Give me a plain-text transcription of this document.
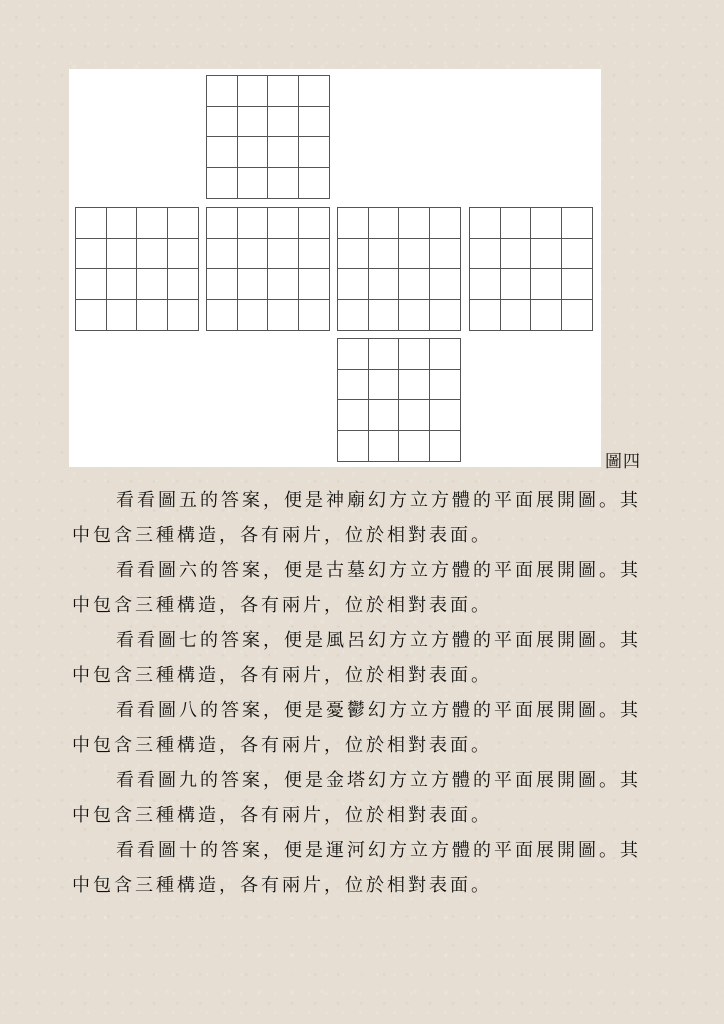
圖四

看看圖五的答案，便是神廟幻方立方體的平面展開圖。其
中包含三種構造，各有兩片，位於相對表面。

看看圖六的答案，便是古墓幻方立方體的平面展開圖。其
中包含三種構造，各有兩片，位於相對表面。

看看圖七的答案，便是風呂幻方立方體的平面展開圖。其
中包含三種構造，各有兩片，位於相對表面。

看看圖八的答案，便是憂鬱幻方立方體的平面展開圖。其
中包含三種構造，各有兩片，位於相對表面。

看看圖九的答案，便是金塔幻方立方體的平面展開圖。其
中包含三種構造，各有兩片，位於相對表面。

看看圖十的答案，便是運河幻方立方體的平面展開圖。其
中包含三種構造，各有兩片，位於相對表面。
